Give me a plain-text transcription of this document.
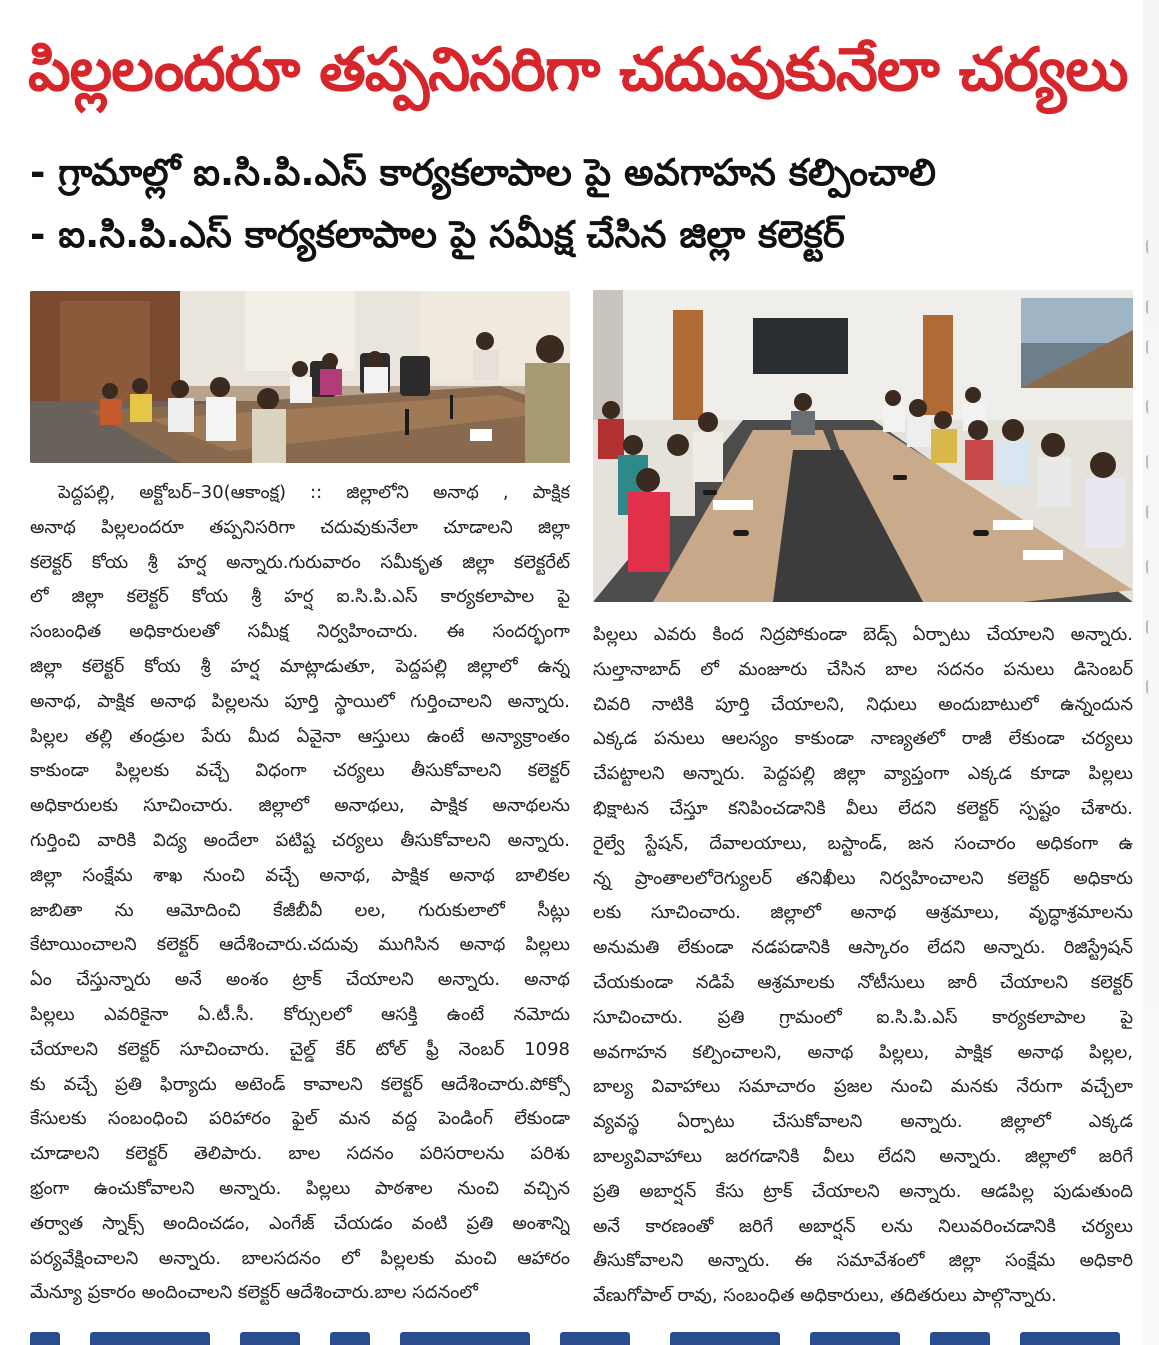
పిల్లలందరూ తప్పనిసరిగా చదువుకునేలా చర్యలు
- గ్రామాల్లో ఐ.సి.పి.ఎస్ కార్యకలాపాల పై అవగాహన కల్పించాలి
- ఐ.సి.పి.ఎస్ కార్యకలాపాల పై సమీక్ష చేసిన జిల్లా కలెక్టర్
పెద్దపల్లి, అక్టోబర్–30(ఆకాంక్ష) :: జిల్లాలోని అనాథ , పాక్షిక
అనాథ పిల్లలందరూ తప్పనిసరిగా చదువుకునేలా చూడాలని జిల్లా
కలెక్టర్ కోయ శ్రీ హర్ష అన్నారు.గురువారం సమీకృత జిల్లా కలెక్టరేట్
లో జిల్లా కలెక్టర్ కోయ శ్రీ హర్ష ఐ.సి.పి.ఎస్ కార్యకలాపాల పై
సంబంధిత అధికారులతో సమీక్ష నిర్వహించారు. ఈ సందర్భంగా
జిల్లా కలెక్టర్ కోయ శ్రీ హర్ష మాట్లాడుతూ, పెద్దపల్లి జిల్లాలో ఉన్న
అనాథ, పాక్షిక అనాథ పిల్లలను పూర్తి స్థాయిలో గుర్తించాలని అన్నారు.
పిల్లల తల్లి తండ్రుల పేరు మీద ఏవైనా ఆస్తులు ఉంటే అన్యాక్రాంతం
కాకుండా పిల్లలకు వచ్చే విధంగా చర్యలు తీసుకోవాలని కలెక్టర్
అధికారులకు సూచించారు. జిల్లాలో అనాథలు, పాక్షిక అనాథలను
గుర్తించి వారికి విద్య అందేలా పటిష్ట చర్యలు తీసుకోవాలని అన్నారు.
జిల్లా సంక్షేమ శాఖ నుంచి వచ్చే అనాథ, పాక్షిక అనాథ బాలికల
జాబితా ను ఆమోదించి కేజీబీవీ లల, గురుకులాలో సీట్లు
కేటాయించాలని కలెక్టర్ ఆదేశించారు.చదువు ముగిసిన అనాథ పిల్లలు
ఏం చేస్తున్నారు అనే అంశం ట్రాక్ చేయాలని అన్నారు. అనాథ
పిల్లలు ఎవరికైనా ఏ.టీ.సీ. కోర్సులలో ఆసక్తి ఉంటే నమోదు
చేయాలని కలెక్టర్ సూచించారు. చైల్డ్ కేర్ టోల్ ఫ్రీ నెంబర్ 1098
కు వచ్చే ప్రతి ఫిర్యాదు అటెండ్ కావాలని కలెక్టర్ ఆదేశించారు.పోక్సో
కేసులకు సంబంధించి పరిహారం ఫైల్ మన వద్ద పెండింగ్ లేకుండా
చూడాలని కలెక్టర్ తెలిపారు. బాల సదనం పరిసరాలను పరిశు
భ్రంగా ఉంచుకోవాలని అన్నారు. పిల్లలు పాఠశాల నుంచి వచ్చిన
తర్వాత స్నాక్స్ అందించడం, ఎంగేజ్ చేయడం వంటి ప్రతి అంశాన్ని
పర్యవేక్షించాలని అన్నారు. బాలసదనం లో పిల్లలకు మంచి ఆహారం
మేన్యూ ప్రకారం అందించాలని కలెక్టర్ ఆదేశించారు.బాల సదనంలో
పిల్లలు ఎవరు కింద నిద్రపోకుండా బెడ్స్ ఏర్పాటు చేయాలని అన్నారు.
సుల్తానాబాద్ లో మంజూరు చేసిన బాల సదనం పనులు డిసెంబర్
చివరి నాటికి పూర్తి చేయాలని, నిధులు అందుబాటులో ఉన్నందున
ఎక్కడ పనులు ఆలస్యం కాకుండా నాణ్యతలో రాజీ లేకుండా చర్యలు
చేపట్టాలని అన్నారు. పెద్దపల్లి జిల్లా వ్యాప్తంగా ఎక్కడ కూడా పిల్లలు
భిక్షాటన చేస్తూ కనిపించడానికి వీలు లేదని కలెక్టర్ స్పష్టం చేశారు.
రైల్వే స్టేషన్, దేవాలయాలు, బస్టాండ్, జన సంచారం అధికంగా ఉ
న్న ప్రాంతాలలోరెగ్యులర్ తనిఖీలు నిర్వహించాలని కలెక్టర్ అధికారు
లకు సూచించారు. జిల్లాలో అనాథ ఆశ్రమాలు, వృద్ధాశ్రమాలను
అనుమతి లేకుండా నడపడానికి ఆస్కారం లేదని అన్నారు. రిజిస్ట్రేషన్
చేయకుండా నడిపే ఆశ్రమాలకు నోటీసులు జారీ చేయాలని కలెక్టర్
సూచించారు. ప్రతి గ్రామంలో ఐ.సి.పి.ఎస్ కార్యకలాపాల పై
అవగాహన కల్పించాలని, అనాథ పిల్లలు, పాక్షిక అనాథ పిల్లల,
బాల్య వివాహాలు సమాచారం ప్రజల నుంచి మనకు నేరుగా వచ్చేలా
వ్యవస్థ ఏర్పాటు చేసుకోవాలని అన్నారు. జిల్లాలో ఎక్కడ
బాల్యవివాహాలు జరగడానికి వీలు లేదని అన్నారు. జిల్లాలో జరిగే
ప్రతి అబార్షన్ కేసు ట్రాక్ చేయాలని అన్నారు. ఆడపిల్ల పుడుతుంది
అనే కారణంతో జరిగే అబార్షన్ లను నిలువరించడానికి చర్యలు
తీసుకోవాలని అన్నారు. ఈ సమావేశంలో జిల్లా సంక్షేమ అధికారి
వేణుగోపాల్ రావు, సంబంధిత అధికారులు, తదితరులు పాల్గొన్నారు.
